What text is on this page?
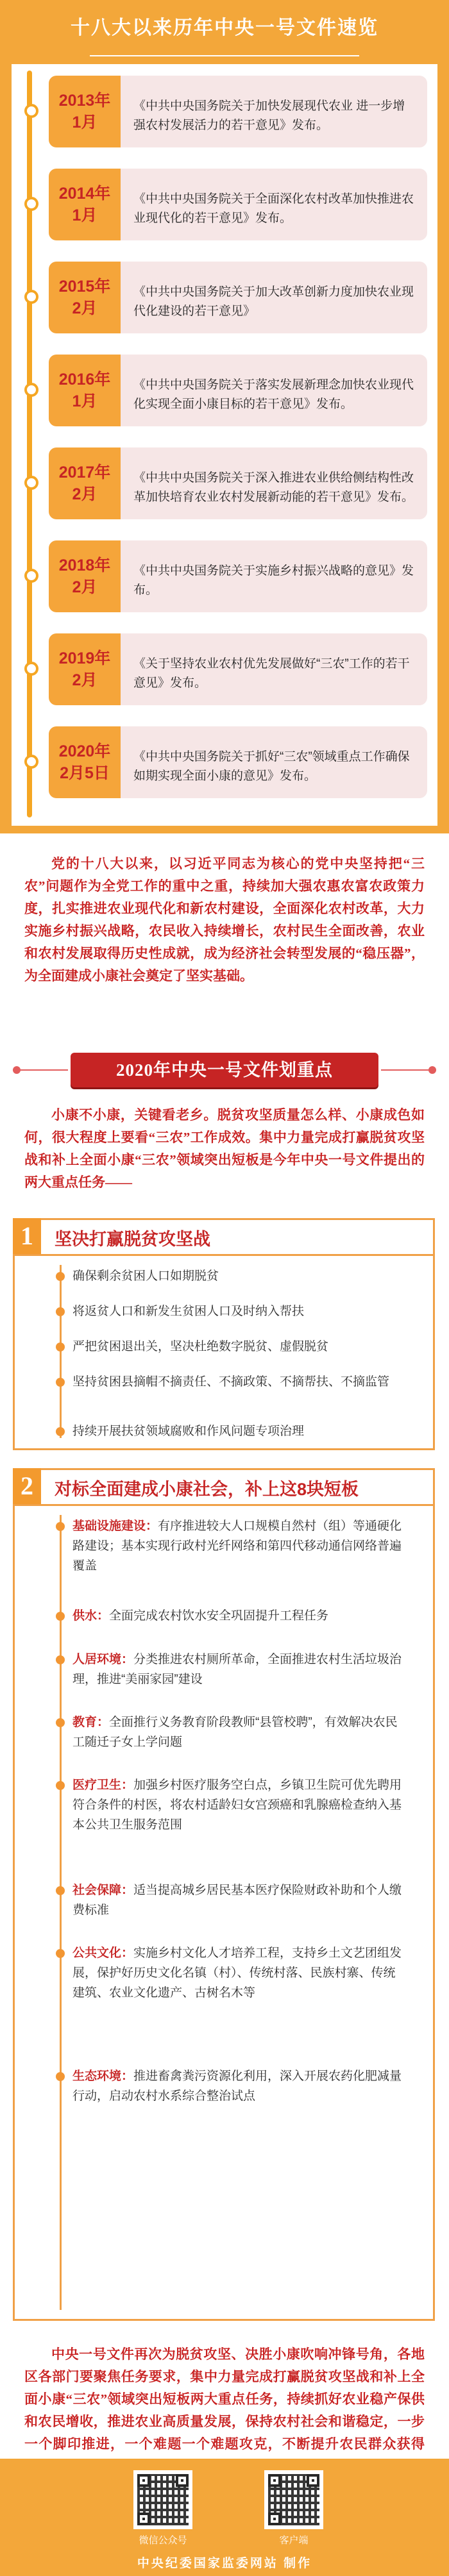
十八大以来历年中央一号文件速览
2013年
1月
《中共中央国务院关于加快发展现代农业 进一步增强农村发展活力的若干意见》发布。
2014年
1月
《中共中央国务院关于全面深化农村改革加快推进农业现代化的若干意见》发布。
2015年
2月
《中共中央国务院关于加大改革创新力度加快农业现代化建设的若干意见》
2016年
1月
《中共中央国务院关于落实发展新理念加快农业现代化实现全面小康目标的若干意见》发布。
2017年
2月
《中共中央国务院关于深入推进农业供给侧结构性改革加快培育农业农村发展新动能的若干意见》发布。
2018年
2月
《中共中央国务院关于实施乡村振兴战略的意见》发布。
2019年
2月
《关于坚持农业农村优先发展做好“三农”工作的若干意见》发布。
2020年
2月5日
《中共中央国务院关于抓好“三农”领域重点工作确保如期实现全面小康的意见》发布。
党的十八大以来，以习近平同志为核心的党中央坚持把“三农”问题作为全党工作的重中之重，持续加大强农惠农富农政策力度，扎实推进农业现代化和新农村建设，全面深化农村改革，大力实施乡村振兴战略，农民收入持续增长，农村民生全面改善，农业和农村发展取得历史性成就，成为经济社会转型发展的“稳压器”，为全面建成小康社会奠定了坚实基础。
2020年中央一号文件划重点
小康不小康，关键看老乡。脱贫攻坚质量怎么样、小康成色如何，很大程度上要看“三农”工作成效。集中力量完成打赢脱贫攻坚战和补上全面小康“三农”领域突出短板是今年中央一号文件提出的两大重点任务——
1	坚决打赢脱贫攻坚战
确保剩余贫困人口如期脱贫
将返贫人口和新发生贫困人口及时纳入帮扶
严把贫困退出关，坚决杜绝数字脱贫、虚假脱贫
坚持贫困县摘帽不摘责任、不摘政策、不摘帮扶、不摘监管
持续开展扶贫领域腐败和作风问题专项治理
2	对标全面建成小康社会，补上这8块短板
基础设施建设：有序推进较大人口规模自然村（组）等通硬化路建设；基本实现行政村光纤网络和第四代移动通信网络普遍覆盖
供水：全面完成农村饮水安全巩固提升工程任务
人居环境：分类推进农村厕所革命，全面推进农村生活垃圾治理，推进“美丽家园”建设
教育：全面推行义务教育阶段教师“县管校聘”，有效解决农民工随迁子女上学问题
医疗卫生：加强乡村医疗服务空白点，乡镇卫生院可优先聘用符合条件的村医，将农村适龄妇女宫颈癌和乳腺癌检查纳入基本公共卫生服务范围
社会保障：适当提高城乡居民基本医疗保险财政补助和个人缴费标准
公共文化：实施乡村文化人才培养工程，支持乡土文艺团组发展，保护好历史文化名镇（村）、传统村落、民族村寨、传统建筑、农业文化遗产、古树名木等
生态环境：推进畜禽粪污资源化利用，深入开展农药化肥减量行动，启动农村水系综合整治试点
中央一号文件再次为脱贫攻坚、决胜小康吹响冲锋号角，各地区各部门要聚焦任务要求，集中力量完成打赢脱贫攻坚战和补上全面小康“三农”领域突出短板两大重点任务，持续抓好农业稳产保供和农民增收，推进农业高质量发展，保持农村社会和谐稳定，一步一个脚印推进，一个难题一个难题攻克，不断提升农民群众获得
微信公众号	客户端
中央纪委国家监委网站 制作
